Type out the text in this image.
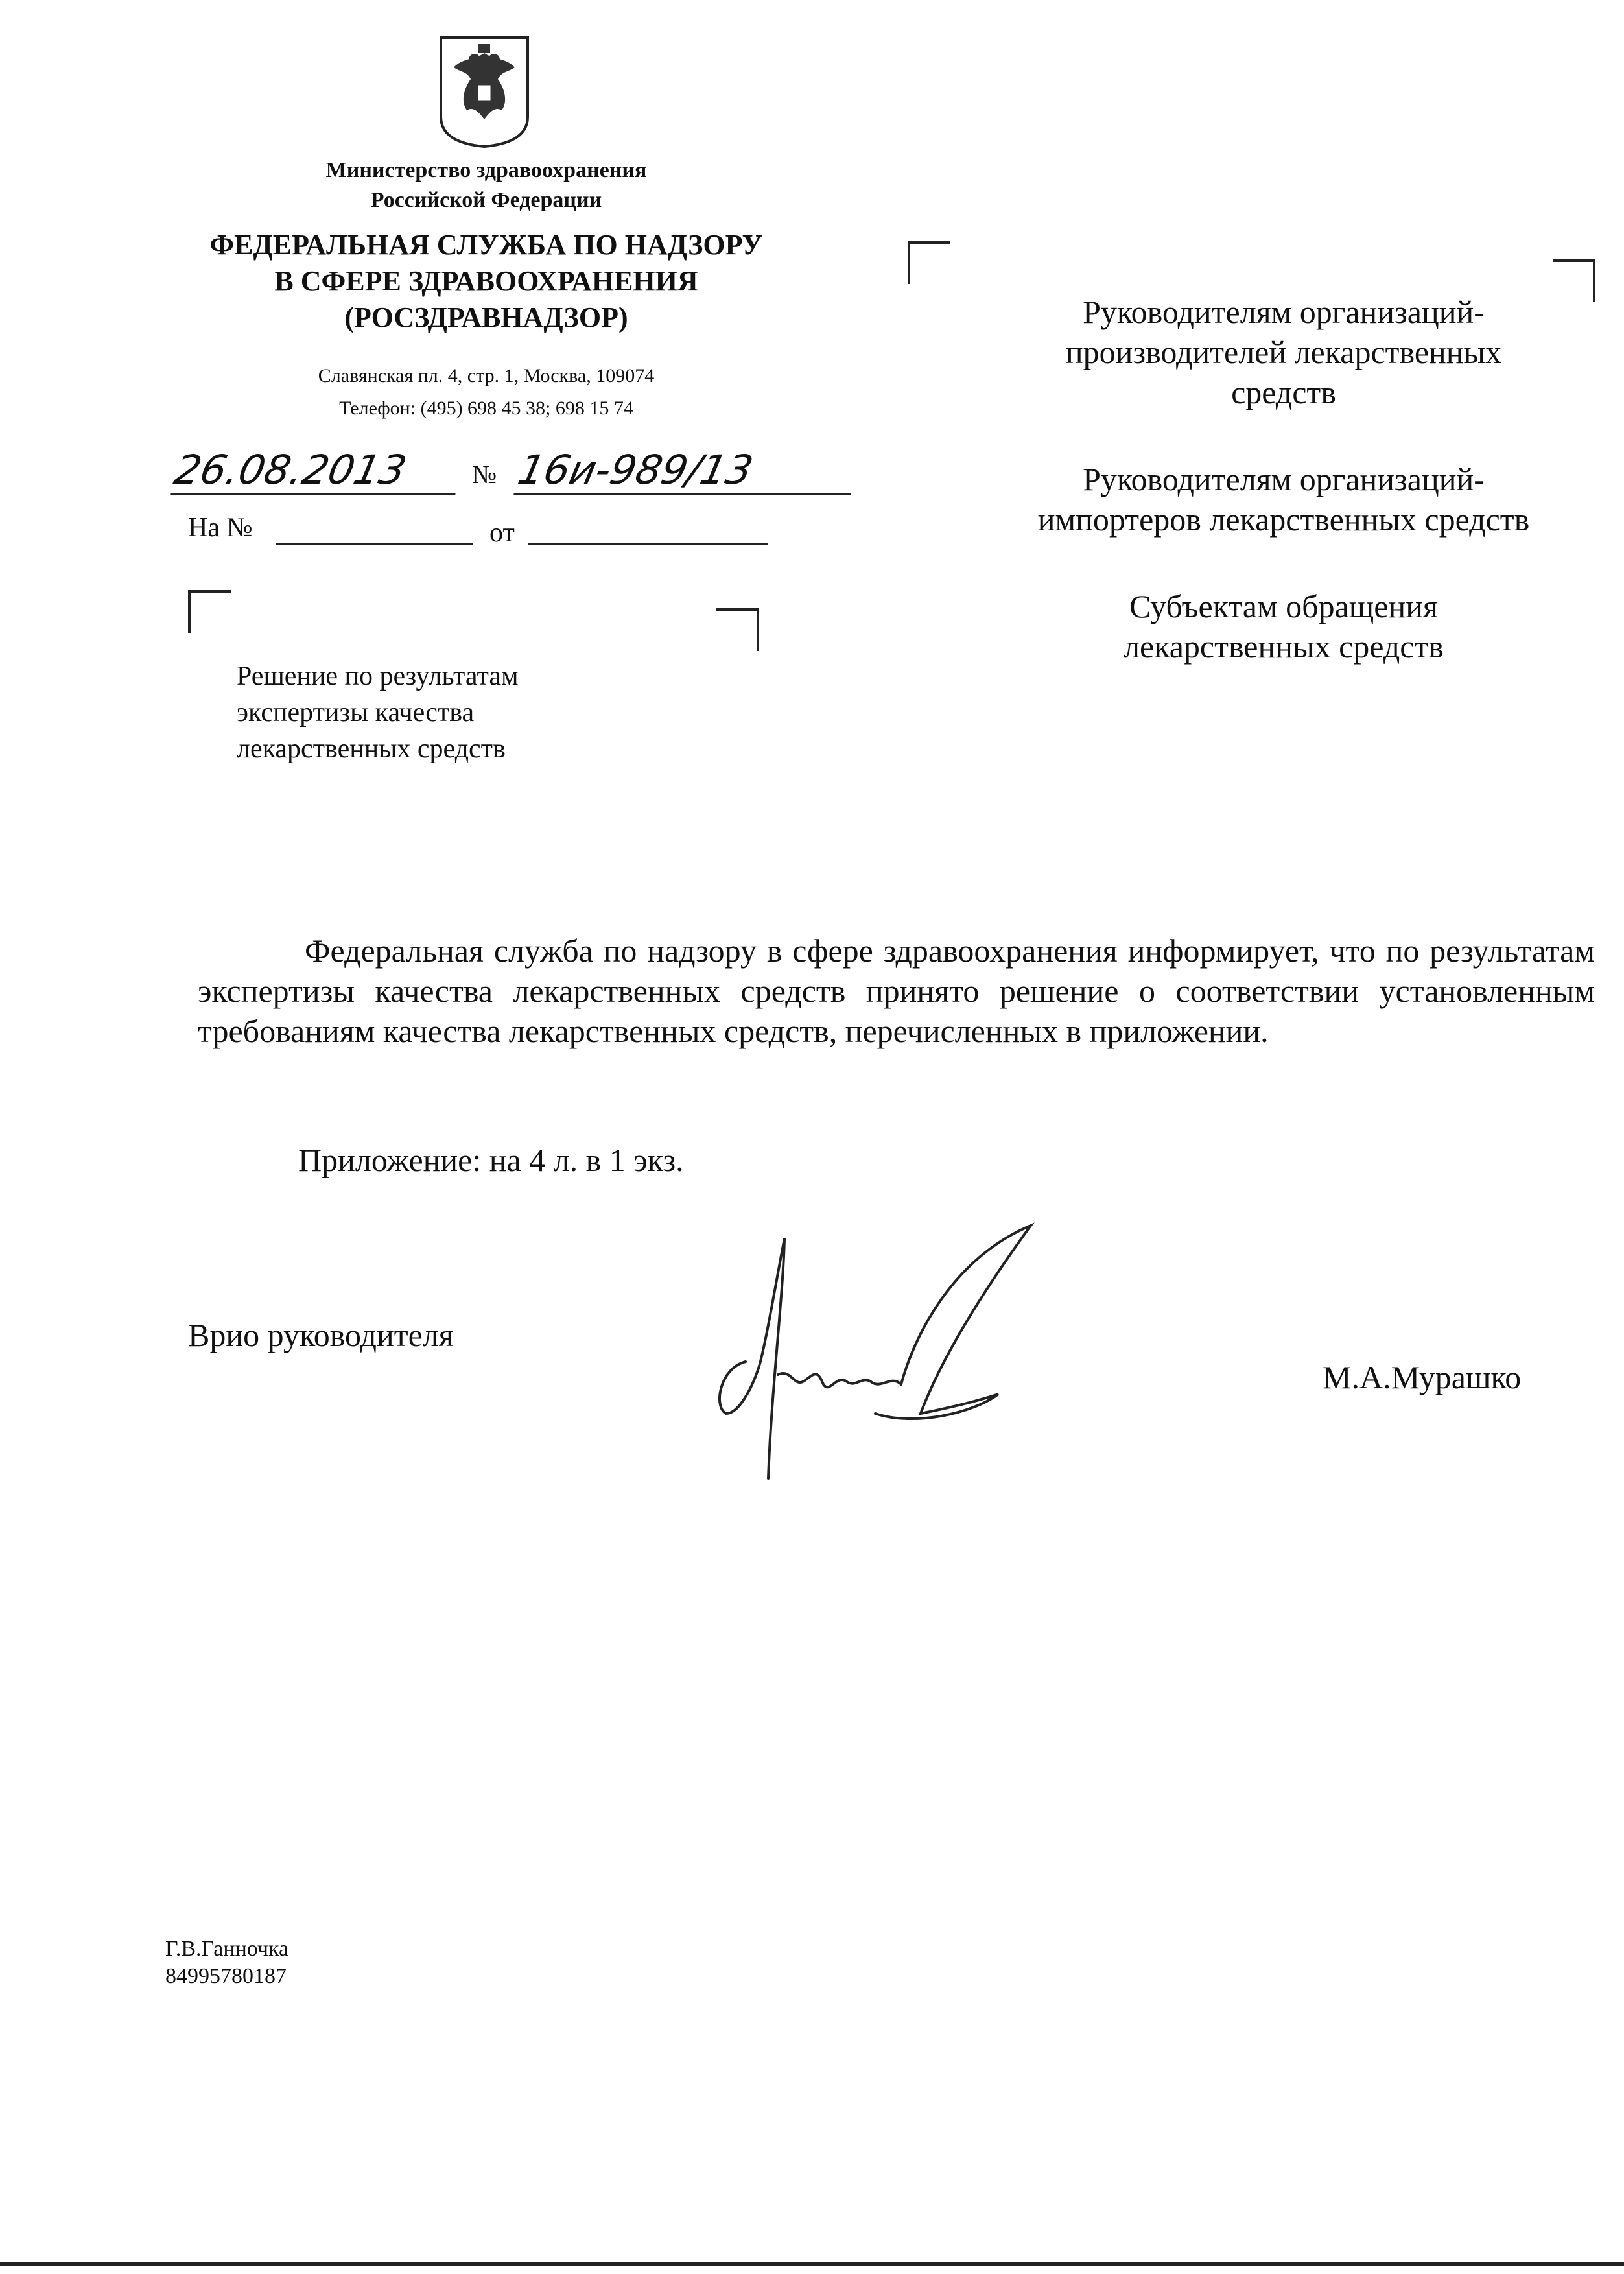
Министерство здравоохранения
Российской Федерации
ФЕДЕРАЛЬНАЯ СЛУЖБА ПО НАДЗОРУ
В СФЕРЕ ЗДРАВООХРАНЕНИЯ
(РОСЗДРАВНАДЗОР)
Славянская пл. 4, стр. 1, Москва, 109074
Телефон: (495) 698 45 38; 698 15 74
26.08.2013	№ 16и-989/13
На №	от
Решение по результатам
экспертизы качества
лекарственных средств
Руководителям организаций-
производителей лекарственных
средств
Руководителям организаций-
импортеров лекарственных средств
Субъектам обращения
лекарственных средств
Федеральная служба по надзору в сфере здравоохранения информирует, что по результатам экспертизы качества лекарственных средств принято решение о соответствии установленным требованиям качества лекарственных средств, перечисленных в приложении.
Приложение: на 4 л. в 1 экз.
Врио руководителя
М.А.Мурашко
Г.В.Ганночка
84995780187
